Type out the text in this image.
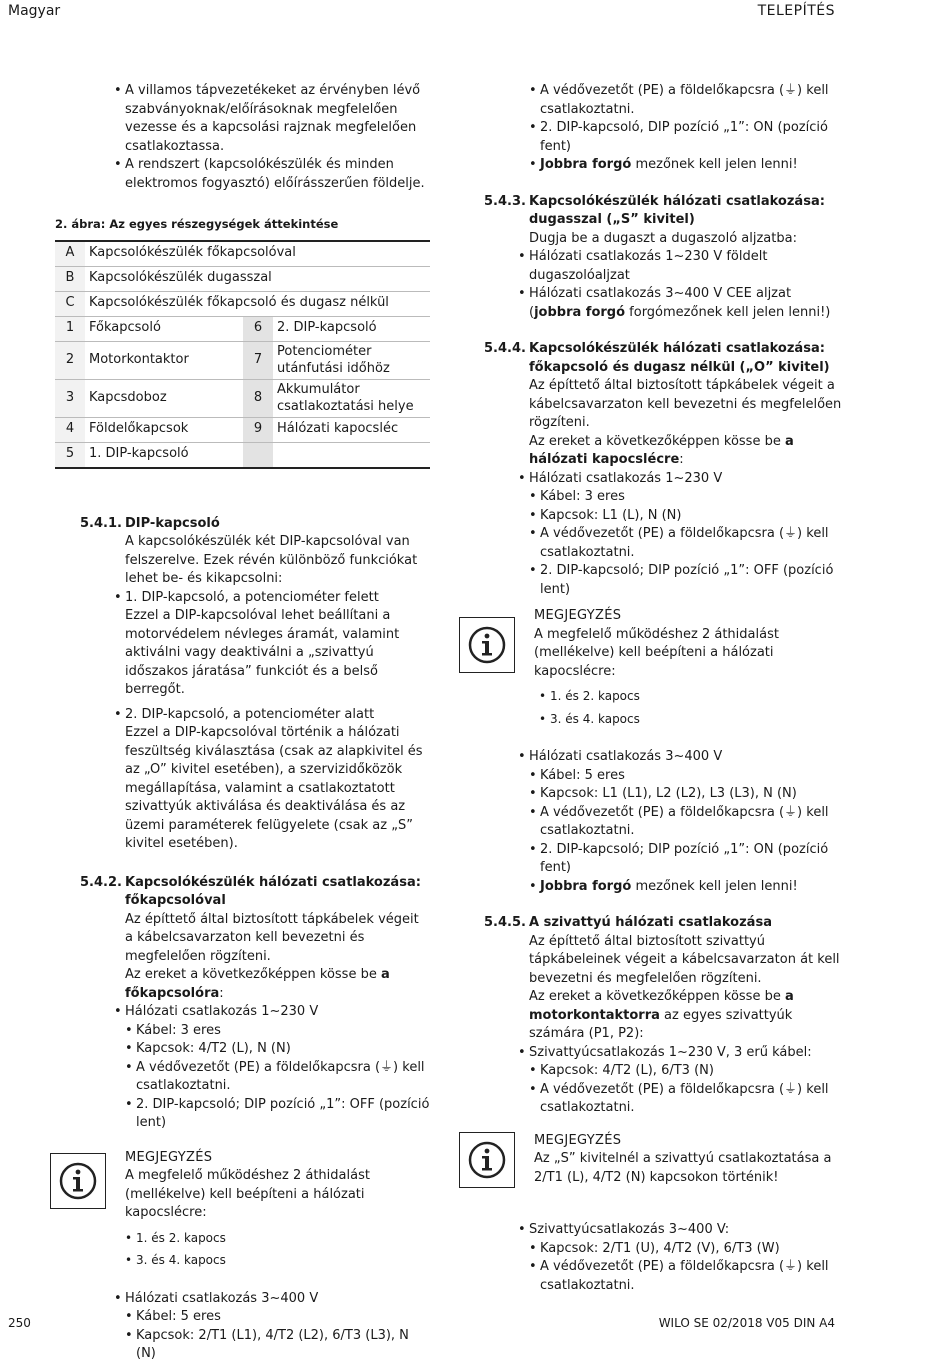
Magyar	TELEPÍTÉS
• A villamos tápvezetékeket az érvényben lévő szabványoknak/előírásoknak megfelelően vezesse és a kapcsolási rajznak megfelelően csatlakoztassa.
• A rendszert (kapcsolókészülék és minden elektromos fogyasztó) előírásszerűen földelje.
2. ábra: Az egyes részegységek áttekintése
A	Kapcsolókészülék főkapcsolóval		
B	Kapcsolókészülék dugasszal		
C	Kapcsolókészülék főkapcsoló és dugasz nélkül		
1	Főkapcsoló	6	2. DIP-kapcsoló
2	Motorkontaktor	7	Potenciométer utánfutási időhöz
3	Kapcsdoboz	8	Akkumulátor csatlakoztatási helye
4	Földelőkapcsok	9	Hálózati kapocsléc
5	1. DIP-kapcsoló		
5.4.1. DIP-kapcsoló

A kapcsolókészülék két DIP-kapcsolóval van felszerelve. Ezek révén különböző funkciókat lehet be- és kikapcsolni:

• 1. DIP-kapcsoló, a potenciométer felett
Ezzel a DIP-kapcsolóval lehet beállítani a motorvédelem névleges áramát, valamint aktiválni vagy deaktiválni a „szivattyú időszakos járatása” funkciót és a belső berregőt.
• 2. DIP-kapcsoló, a potenciométer alatt
Ezzel a DIP-kapcsolóval történik a hálózati feszültség kiválasztása (csak az alapkivitel és az „O” kivitel esetében), a szervizidőközök megállapítása, valamint a csatlakoztatott szivattyúk aktiválása és deaktiválása és az üzemi paraméterek felügyelete (csak az „S” kivitel esetében).
5.4.2. Kapcsolókészülék hálózati csatlakozása: főkapcsolóval

Az építtető által biztosított tápkábelek végeit a kábelcsavarzaton kell bevezetni és megfelelően rögzíteni.

Az ereket a következőképpen kösse be a főkapcsolóra:

• Hálózati csatlakozás 1~230 V
• Kábel: 3 eres
• Kapcsok: 4/T2 (L), N (N)
• A védővezetőt (PE) a földelőkapcsra (⏚) kell csatlakoztatni.
• 2. DIP-kapcsoló; DIP pozíció „1”: OFF (pozíció lent)
MEGJEGYZÉS
A megfelelő működéshez 2 áthidalást (mellékelve) kell beépíteni a hálózati kapocslécre:
• 1. és 2. kapocs
• 3. és 4. kapocs
• Hálózati csatlakozás 3~400 V
• Kábel: 5 eres
• Kapcsok: 2/T1 (L1), 4/T2 (L2), 6/T3 (L3), N (N)
• A védővezetőt (PE) a földelőkapcsra (⏚) kell csatlakoztatni.
• 2. DIP-kapcsoló, DIP pozíció „1”: ON (pozíció fent)
• Jobbra forgó mezőnek kell jelen lenni!
5.4.3. Kapcsolókészülék hálózati csatlakozása: dugasszal („S” kivitel)

Dugja be a dugaszt a dugaszoló aljzatba:

• Hálózati csatlakozás 1~230 V földelt dugaszolóaljzat
• Hálózati csatlakozás 3~400 V CEE aljzat (jobbra forgó forgómezőnek kell jelen lenni!)
5.4.4. Kapcsolókészülék hálózati csatlakozása: főkapcsoló és dugasz nélkül („O” kivitel)

Az építtető által biztosított tápkábelek végeit a kábelcsavarzaton kell bevezetni és megfelelően rögzíteni.

Az ereket a következőképpen kösse be a hálózati kapocslécre:

• Hálózati csatlakozás 1~230 V
• Kábel: 3 eres
• Kapcsok: L1 (L), N (N)
• A védővezetőt (PE) a földelőkapcsra (⏚) kell csatlakoztatni.
• 2. DIP-kapcsoló; DIP pozíció „1”: OFF (pozíció lent)
MEGJEGYZÉS
A megfelelő működéshez 2 áthidalást (mellékelve) kell beépíteni a hálózati kapocslécre:
• 1. és 2. kapocs
• 3. és 4. kapocs
• Hálózati csatlakozás 3~400 V
• Kábel: 5 eres
• Kapcsok: L1 (L1), L2 (L2), L3 (L3), N (N)
• A védővezetőt (PE) a földelőkapcsra (⏚) kell csatlakoztatni.
• 2. DIP-kapcsoló; DIP pozíció „1”: ON (pozíció fent)
• Jobbra forgó mezőnek kell jelen lenni!
5.4.5. A szivattyú hálózati csatlakozása

Az építtető által biztosított szivattyú tápkábeleinek végeit a kábelcsavarzaton át kell bevezetni és megfelelően rögzíteni.

Az ereket a következőképpen kösse be a motorkontaktorra az egyes szivattyúk számára (P1, P2):

• Szivattyúcsatlakozás 1~230 V, 3 erű kábel:
• Kapcsok: 4/T2 (L), 6/T3 (N)
• A védővezetőt (PE) a földelőkapcsra (⏚) kell csatlakoztatni.
MEGJEGYZÉS
Az „S” kivitelnél a szivattyú csatlakoztatása a 2/T1 (L), 4/T2 (N) kapcsokon történik!
• Szivattyúcsatlakozás 3~400 V:
• Kapcsok: 2/T1 (U), 4/T2 (V), 6/T3 (W)
• A védővezetőt (PE) a földelőkapcsra (⏚) kell csatlakoztatni.
250	WILO SE 02/2018 V05 DIN A4
